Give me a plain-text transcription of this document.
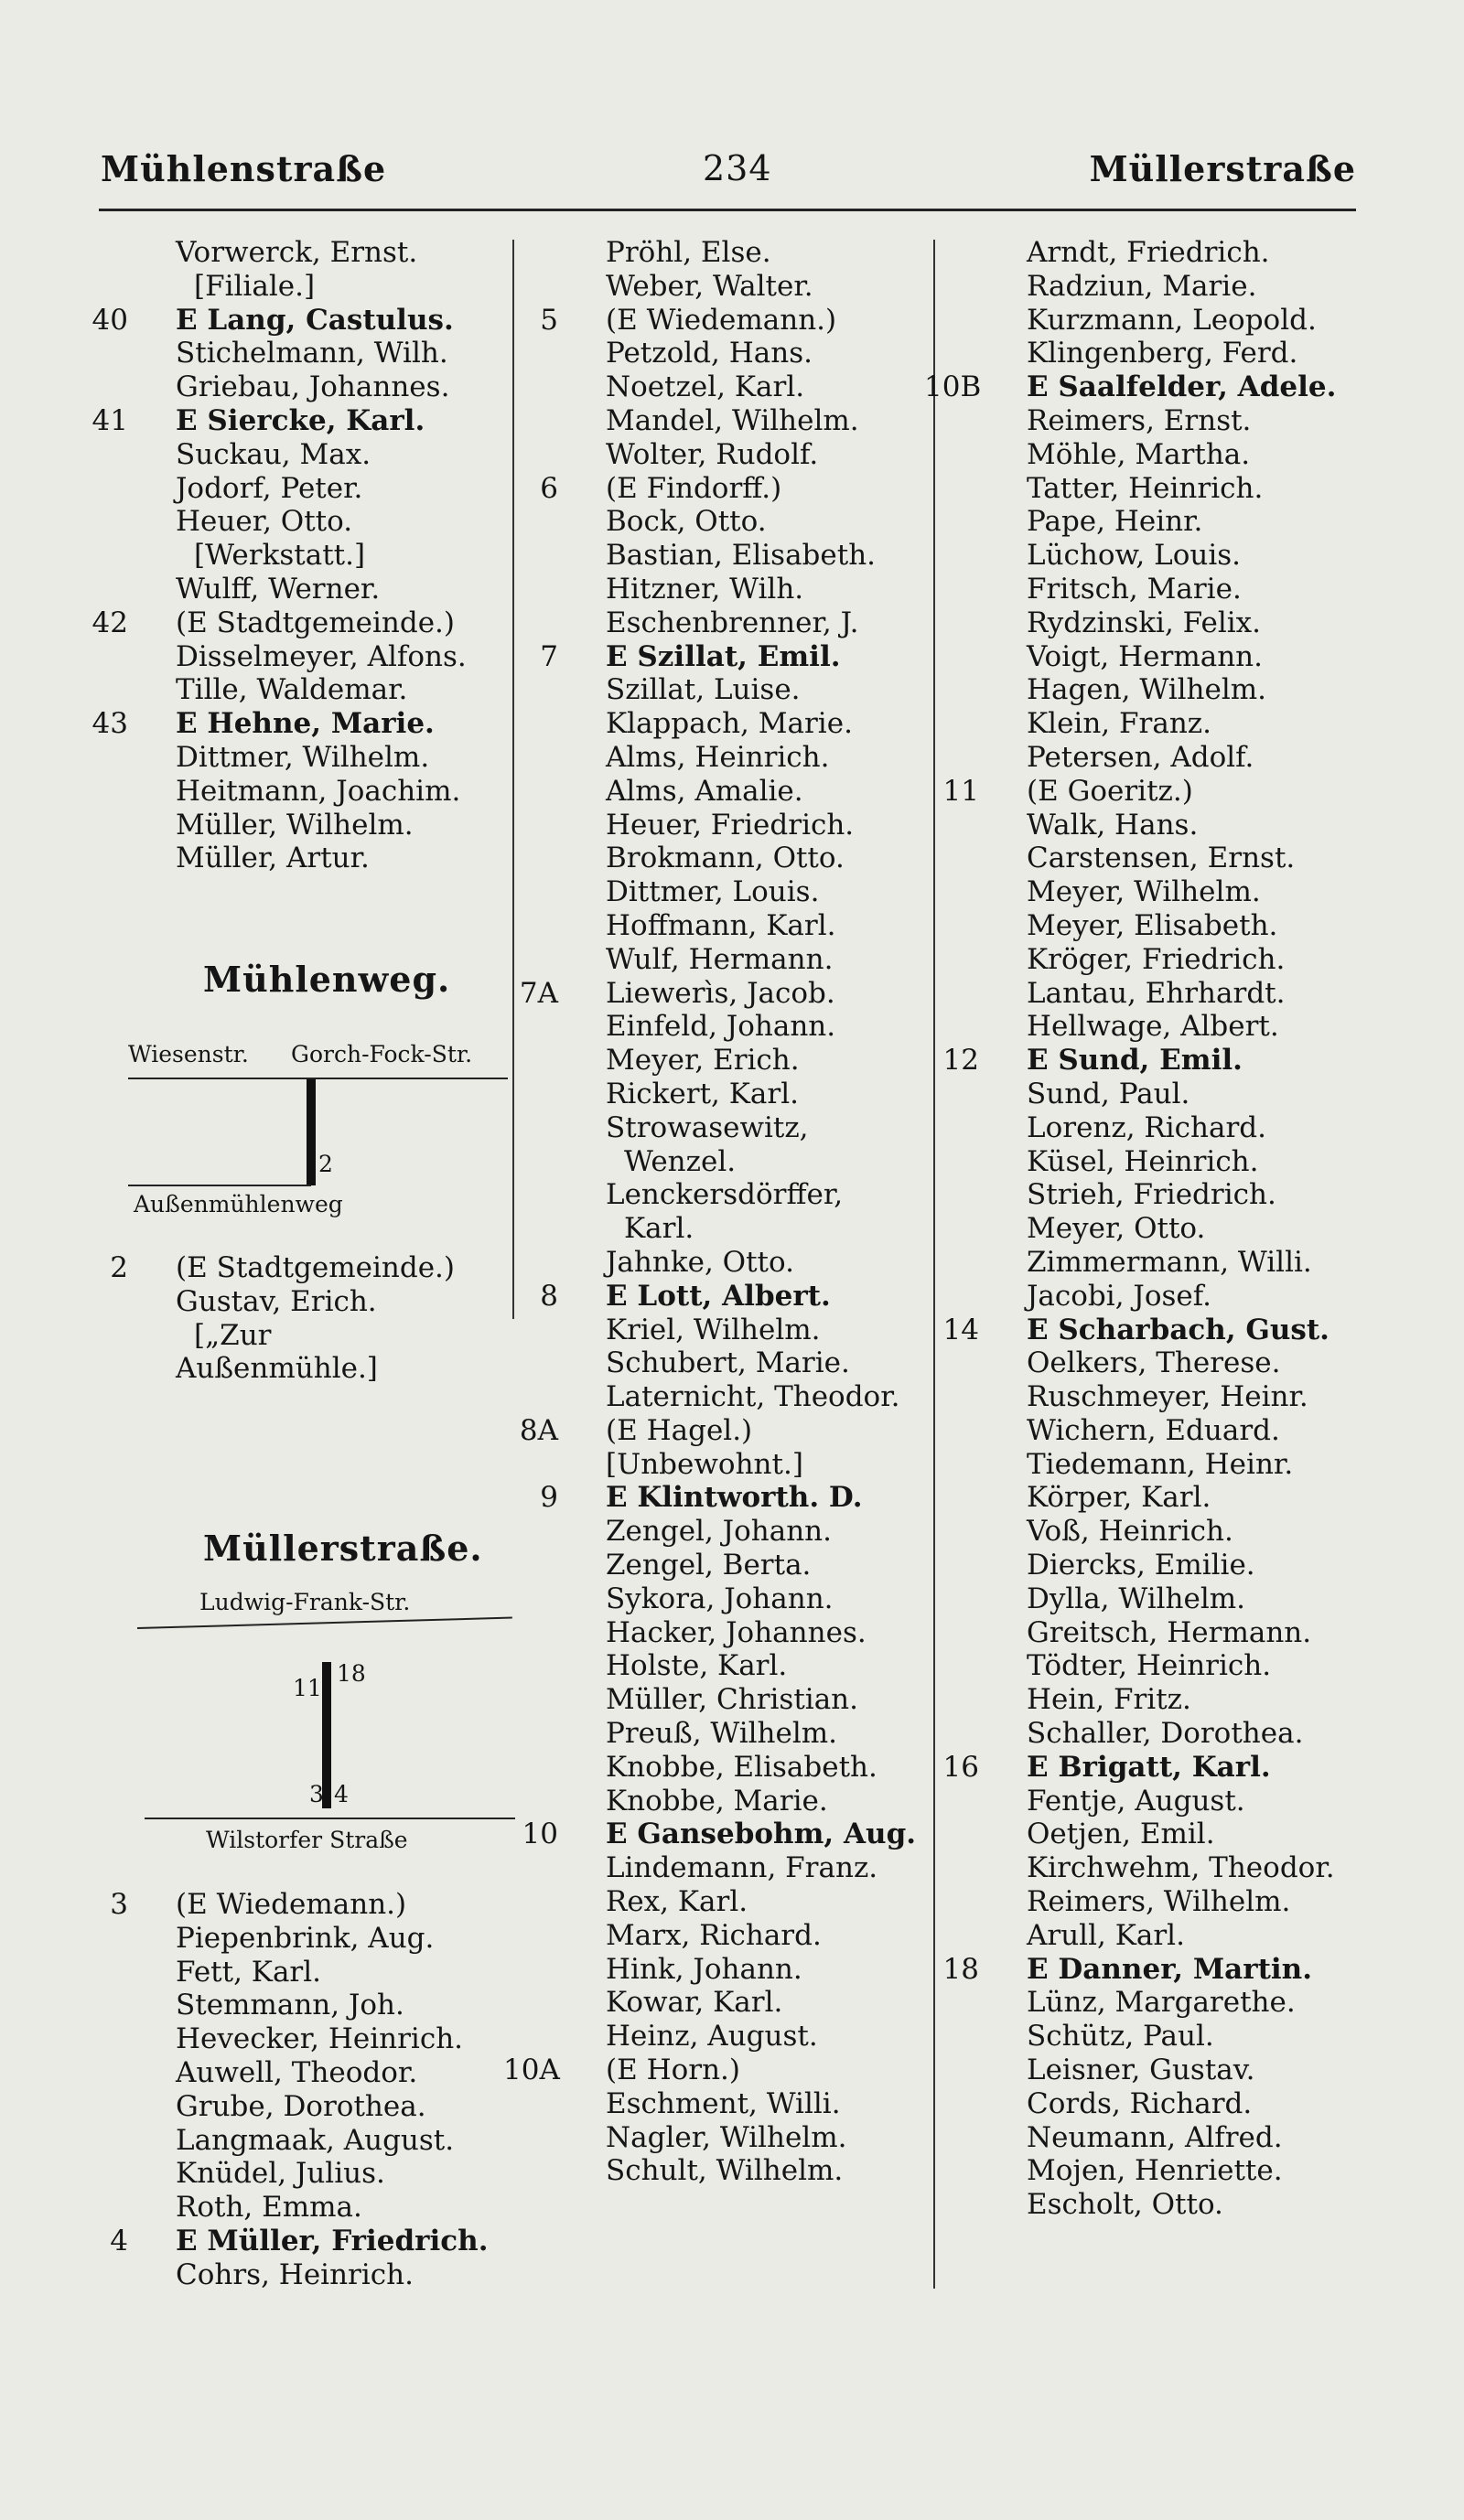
Mühlenstraße	234	Müllerstraße
Vorwerck, Ernst.
[Filiale.]
40 E Lang, Castulus.
Stichelmann, Wilh.
Griebau, Johannes.
41 E Siercke, Karl.
Suckau, Max.
Jodorf, Peter.
Heuer, Otto.
[Werkstatt.]
Wulff, Werner.
42 (E Stadtgemeinde.)
Disselmeyer, Alfons.
Tille, Waldemar.
43 E Hehne, Marie.
Dittmer, Wilhelm.
Heitmann, Joachim.
Müller, Wilhelm.
Müller, Artur.
Mühlenweg.
Wiesenstr. Gorch-Fock-Str.
2
Außenmühlenweg
2 (E Stadtgemeinde.)
Gustav, Erich.
[„Zur
Außenmühle.]
Müllerstraße.
Ludwig-Frank-Str.
11
18
3 4
Wilstorfer Straße
3 (E Wiedemann.)
Piepenbrink, Aug.
Fett, Karl.
Stemmann, Joh.
Hevecker, Heinrich.
Auwell, Theodor.
Grube, Dorothea.
Langmaak, August.
Knüdel, Julius.
Roth, Emma.
4 E Müller, Friedrich.
Cohrs, Heinrich.
Pröhl, Else.
Weber, Walter.
5 (E Wiedemann.)
Petzold, Hans.
Noetzel, Karl.
Mandel, Wilhelm.
Wolter, Rudolf.
6 (E Findorff.)
Bock, Otto.
Bastian, Elisabeth.
Hitzner, Wilh.
Eschenbrenner, J.
7 E Szillat, Emil.
Szillat, Luise.
Klappach, Marie.
Alms, Heinrich.
Alms, Amalie.
Heuer, Friedrich.
Brokmann, Otto.
Dittmer, Louis.
Hoffmann, Karl.
Wulf, Hermann.
7A Liewerìs, Jacob.
Einfeld, Johann.
Meyer, Erich.
Rickert, Karl.
Strowasewitz,
Wenzel.
Lenckersdörffer,
Karl.
Jahnke, Otto.
8 E Lott, Albert.
Kriel, Wilhelm.
Schubert, Marie.
Laternicht, Theodor.
8A (E Hagel.)
[Unbewohnt.]
9 E Klintworth. D.
Zengel, Johann.
Zengel, Berta.
Sykora, Johann.
Hacker, Johannes.
Holste, Karl.
Müller, Christian.
Preuß, Wilhelm.
Knobbe, Elisabeth.
Knobbe, Marie.
10 E Gansebohm, Aug.
Lindemann, Franz.
Rex, Karl.
Marx, Richard.
Hink, Johann.
Kowar, Karl.
Heinz, August.
10A (E Horn.)
Eschment, Willi.
Nagler, Wilhelm.
Schult, Wilhelm.
Arndt, Friedrich.
Radziun, Marie.
Kurzmann, Leopold.
Klingenberg, Ferd.
10B E Saalfelder, Adele.
Reimers, Ernst.
Möhle, Martha.
Tatter, Heinrich.
Pape, Heinr.
Lüchow, Louis.
Fritsch, Marie.
Rydzinski, Felix.
Voigt, Hermann.
Hagen, Wilhelm.
Klein, Franz.
Petersen, Adolf.
11 (E Goeritz.)
Walk, Hans.
Carstensen, Ernst.
Meyer, Wilhelm.
Meyer, Elisabeth.
Kröger, Friedrich.
Lantau, Ehrhardt.
Hellwage, Albert.
12 E Sund, Emil.
Sund, Paul.
Lorenz, Richard.
Küsel, Heinrich.
Strieh, Friedrich.
Meyer, Otto.
Zimmermann, Willi.
Jacobi, Josef.
14 E Scharbach, Gust.
Oelkers, Therese.
Ruschmeyer, Heinr.
Wichern, Eduard.
Tiedemann, Heinr.
Körper, Karl.
Voß, Heinrich.
Diercks, Emilie.
Dylla, Wilhelm.
Greitsch, Hermann.
Tödter, Heinrich.
Hein, Fritz.
Schaller, Dorothea.
16 E Brigatt, Karl.
Fentje, August.
Oetjen, Emil.
Kirchwehm, Theodor.
Reimers, Wilhelm.
Arull, Karl.
18 E Danner, Martin.
Lünz, Margarethe.
Schütz, Paul.
Leisner, Gustav.
Cords, Richard.
Neumann, Alfred.
Mojen, Henriette.
Escholt, Otto.
